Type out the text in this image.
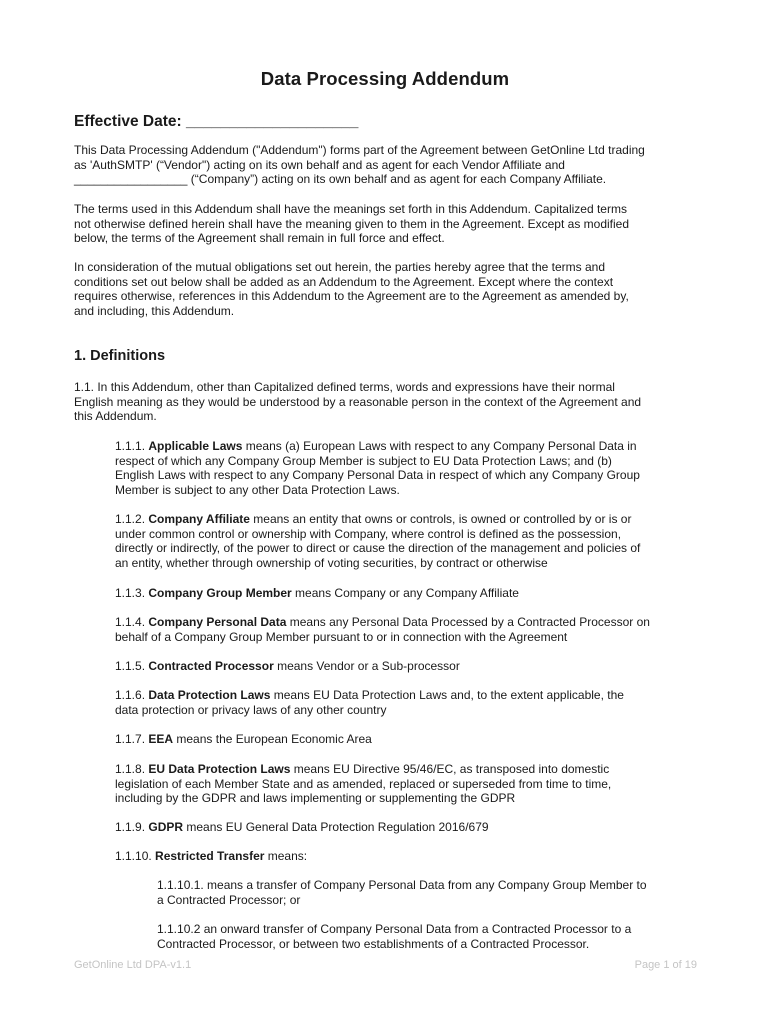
Data Processing Addendum
Effective Date: ____________________

This Data Processing Addendum ("Addendum") forms part of the Agreement between GetOnline Ltd trading
as 'AuthSMTP' (“Vendor") acting on its own behalf and as agent for each Vendor Affiliate and
_________________ (“Company”) acting on its own behalf and as agent for each Company Affiliate.

The terms used in this Addendum shall have the meanings set forth in this Addendum. Capitalized terms
not otherwise defined herein shall have the meaning given to them in the Agreement. Except as modified
below, the terms of the Agreement shall remain in full force and effect.

In consideration of the mutual obligations set out herein, the parties hereby agree that the terms and
conditions set out below shall be added as an Addendum to the Agreement. Except where the context
requires otherwise, references in this Addendum to the Agreement are to the Agreement as amended by,
and including, this Addendum.

1. Definitions

1.1. In this Addendum, other than Capitalized defined terms, words and expressions have their normal
English meaning as they would be understood by a reasonable person in the context of the Agreement and
this Addendum.

1.1.1. Applicable Laws means (a) European Laws with respect to any Company Personal Data in
respect of which any Company Group Member is subject to EU Data Protection Laws; and (b)
English Laws with respect to any Company Personal Data in respect of which any Company Group
Member is subject to any other Data Protection Laws.

1.1.2. Company Affiliate means an entity that owns or controls, is owned or controlled by or is or
under common control or ownership with Company, where control is defined as the possession,
directly or indirectly, of the power to direct or cause the direction of the management and policies of
an entity, whether through ownership of voting securities, by contract or otherwise

1.1.3. Company Group Member means Company or any Company Affiliate

1.1.4. Company Personal Data means any Personal Data Processed by a Contracted Processor on
behalf of a Company Group Member pursuant to or in connection with the Agreement

1.1.5. Contracted Processor means Vendor or a Sub-processor

1.1.6. Data Protection Laws means EU Data Protection Laws and, to the extent applicable, the
data protection or privacy laws of any other country

1.1.7. EEA means the European Economic Area

1.1.8. EU Data Protection Laws means EU Directive 95/46/EC, as transposed into domestic
legislation of each Member State and as amended, replaced or superseded from time to time,
including by the GDPR and laws implementing or supplementing the GDPR

1.1.9. GDPR means EU General Data Protection Regulation 2016/679

1.1.10. Restricted Transfer means:

1.1.10.1. means a transfer of Company Personal Data from any Company Group Member to
a Contracted Processor; or

1.1.10.2 an onward transfer of Company Personal Data from a Contracted Processor to a
Contracted Processor, or between two establishments of a Contracted Processor.

GetOnline Ltd DPA-v1.1	Page 1 of 19
